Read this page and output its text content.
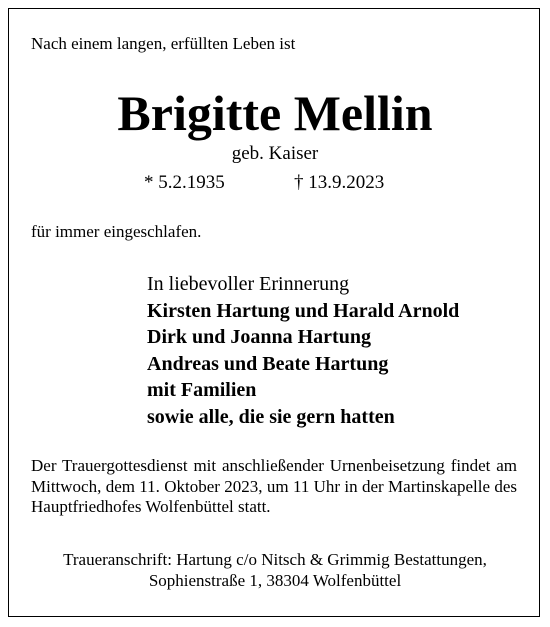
Nach einem langen, erfüllten Leben ist
Brigitte Mellin
geb. Kaiser
* 5.2.1935	† 13.9.2023
für immer eingeschlafen.
In liebevoller Erinnerung
Kirsten Hartung und Harald Arnold
Dirk und Joanna Hartung
Andreas und Beate Hartung
mit Familien
sowie alle, die sie gern hatten
Der Trauergottesdienst mit anschließender Urnenbeisetzung findet am Mittwoch, dem 11. Oktober 2023, um 11 Uhr in der Martinskapelle des Hauptfriedhofes Wolfenbüttel statt.
Traueranschrift: Hartung c/o Nitsch & Grimmig Bestattungen,
Sophienstraße 1, 38304 Wolfenbüttel
